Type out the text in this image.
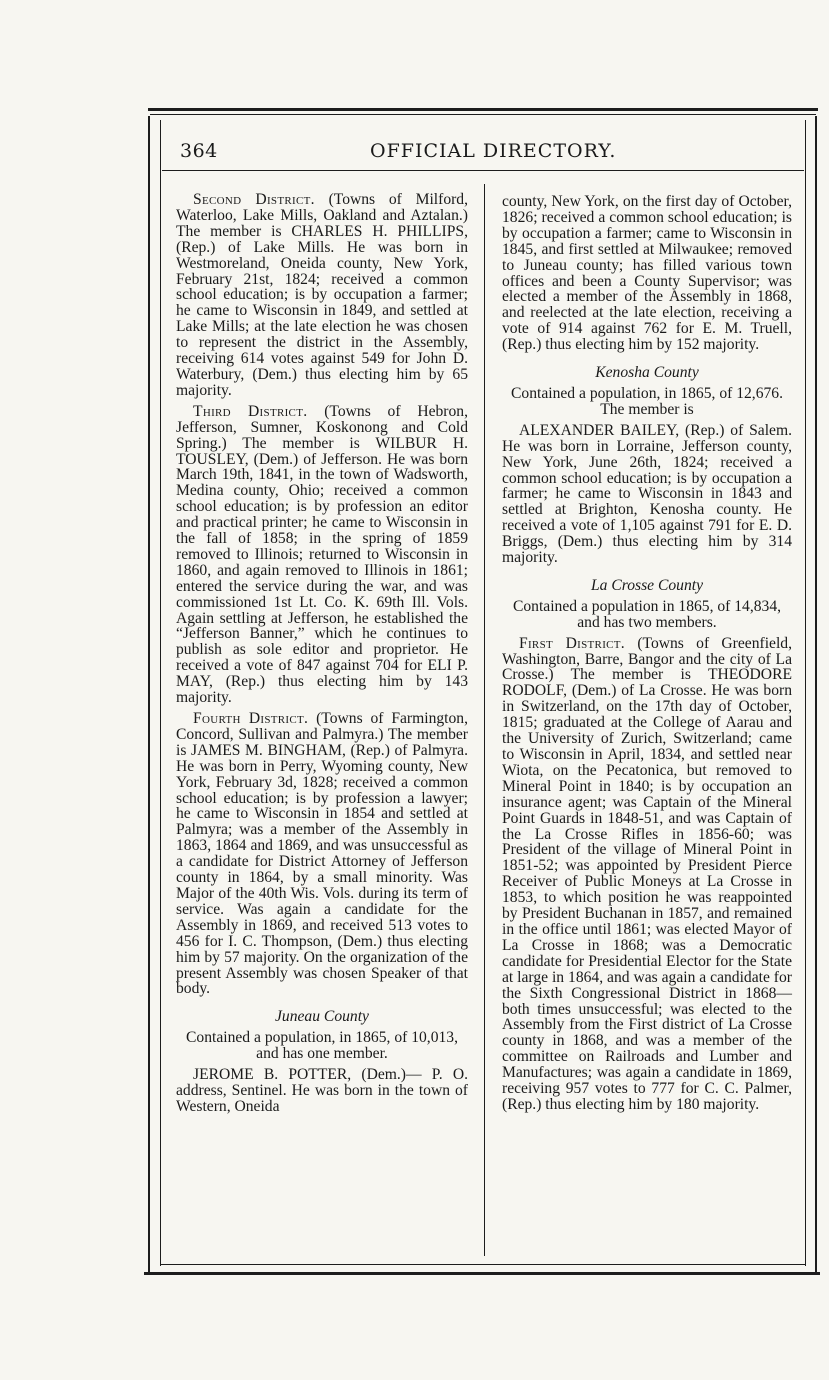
364	OFFICIAL DIRECTORY.

Second District. (Towns of Milford, Waterloo, Lake Mills, Oakland and Aztalan.) The member is CHARLES H. PHILLIPS, (Rep.) of Lake Mills. He was born in Westmoreland, Oneida county, New York, February 21st, 1824; received a common school education; is by occupation a farmer; he came to Wisconsin in 1849, and settled at Lake Mills; at the late election he was chosen to represent the district in the Assembly, receiving 614 votes against 549 for John D. Waterbury, (Dem.) thus electing him by 65 majority.

Third District. (Towns of Hebron, Jefferson, Sumner, Koskonong and Cold Spring.) The member is WILBUR H. TOUSLEY, (Dem.) of Jefferson. He was born March 19th, 1841, in the town of Wadsworth, Medina county, Ohio; received a common school education; is by profession an editor and practical printer; he came to Wisconsin in the fall of 1858; in the spring of 1859 removed to Illinois; returned to Wisconsin in 1860, and again removed to Illinois in 1861; entered the service during the war, and was commissioned 1st Lt. Co. K. 69th Ill. Vols. Again settling at Jefferson, he established the “Jefferson Banner,” which he continues to publish as sole editor and proprietor. He received a vote of 847 against 704 for ELI P. MAY, (Rep.) thus electing him by 143 majority.

Fourth District. (Towns of Farmington, Concord, Sullivan and Palmyra.) The member is JAMES M. BINGHAM, (Rep.) of Palmyra. He was born in Perry, Wyoming county, New York, February 3d, 1828; received a common school education; is by profession a lawyer; he came to Wisconsin in 1854 and settled at Palmyra; was a member of the Assembly in 1863, 1864 and 1869, and was unsuccessful as a candidate for District Attorney of Jefferson county in 1864, by a small minority. Was Major of the 40th Wis. Vols. during its term of service. Was again a candidate for the Assembly in 1869, and received 513 votes to 456 for I. C. Thompson, (Dem.) thus electing him by 57 majority. On the organization of the present Assembly was chosen Speaker of that body.

Juneau County

Contained a population, in 1865, of 10,013, and has one member.

JEROME B. POTTER, (Dem.)— P. O. address, Sentinel. He was born in the town of Western, Oneida

county, New York, on the first day of October, 1826; received a common school education; is by occupation a farmer; came to Wisconsin in 1845, and first settled at Milwaukee; removed to Juneau county; has filled various town offices and been a County Supervisor; was elected a member of the Assembly in 1868, and reelected at the late election, receiving a vote of 914 against 762 for E. M. Truell, (Rep.) thus electing him by 152 majority.

Kenosha County

Contained a population, in 1865, of 12,676. The member is

ALEXANDER BAILEY, (Rep.) of Salem. He was born in Lorraine, Jefferson county, New York, June 26th, 1824; received a common school education; is by occupation a farmer; he came to Wisconsin in 1843 and settled at Brighton, Kenosha county. He received a vote of 1,105 against 791 for E. D. Briggs, (Dem.) thus electing him by 314 majority.

La Crosse County

Contained a population in 1865, of 14,834, and has two members.

First District. (Towns of Greenfield, Washington, Barre, Bangor and the city of La Crosse.) The member is THEODORE RODOLF, (Dem.) of La Crosse. He was born in Switzerland, on the 17th day of October, 1815; graduated at the College of Aarau and the University of Zurich, Switzerland; came to Wisconsin in April, 1834, and settled near Wiota, on the Pecatonica, but removed to Mineral Point in 1840; is by occupation an insurance agent; was Captain of the Mineral Point Guards in 1848-51, and was Captain of the La Crosse Rifles in 1856-60; was President of the village of Mineral Point in 1851-52; was appointed by President Pierce Receiver of Public Moneys at La Crosse in 1853, to which position he was reappointed by President Buchanan in 1857, and remained in the office until 1861; was elected Mayor of La Crosse in 1868; was a Democratic candidate for Presidential Elector for the State at large in 1864, and was again a candidate for the Sixth Congressional District in 1868—both times unsuccessful; was elected to the Assembly from the First district of La Crosse county in 1868, and was a member of the committee on Railroads and Lumber and Manufactures; was again a candidate in 1869, receiving 957 votes to 777 for C. C. Palmer, (Rep.) thus electing him by 180 majority.
